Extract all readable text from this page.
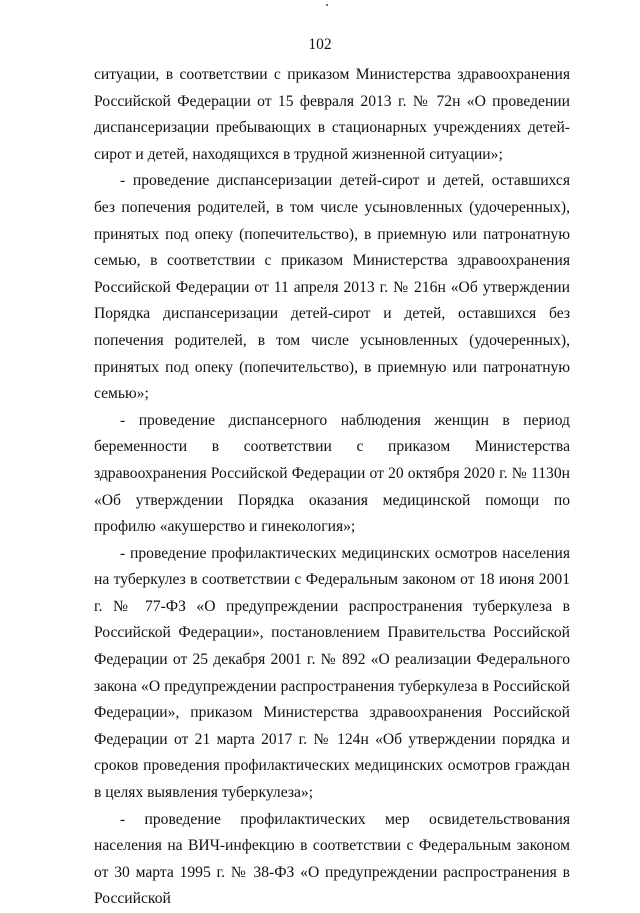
102

ситуации, в соответствии с приказом Министерства здравоохранения Российской Федерации от 15 февраля 2013 г. № 72н «О проведении диспансеризации пребывающих в стационарных учреждениях детей-сирот и детей, находящихся в трудной жизненной ситуации»;

- проведение диспансеризации детей-сирот и детей, оставшихся без попечения родителей, в том числе усыновленных (удочеренных), принятых под опеку (попечительство), в приемную или патронатную семью, в соответствии с приказом Министерства здравоохранения Российской Федерации от 11 апреля 2013 г. № 216н «Об утверждении Порядка диспансеризации детей-сирот и детей, оставшихся без попечения родителей, в том числе усыновленных (удочеренных), принятых под опеку (попечительство), в приемную или патронатную семью»;

- проведение диспансерного наблюдения женщин в период беременности в соответствии с приказом Министерства здравоохранения Российской Федерации от 20 октября 2020 г. № 1130н «Об утверждении Порядка оказания медицинской помощи по профилю «акушерство и гинекология»;

- проведение профилактических медицинских осмотров населения на туберкулез в соответствии с Федеральным законом от 18 июня 2001 г. № 77-ФЗ «О предупреждении распространения туберкулеза в Российской Федерации», постановлением Правительства Российской Федерации от 25 декабря 2001 г. № 892 «О реализации Федерального закона «О предупреждении распространения туберкулеза в Российской Федерации», приказом Министерства здравоохранения Российской Федерации от 21 марта 2017 г. № 124н «Об утверждении порядка и сроков проведения профилактических медицинских осмотров граждан в целях выявления туберкулеза»;

- проведение профилактических мер освидетельствования населения на ВИЧ-инфекцию в соответствии с Федеральным законом от 30 марта 1995 г. № 38-ФЗ «О предупреждении распространения в Российской
